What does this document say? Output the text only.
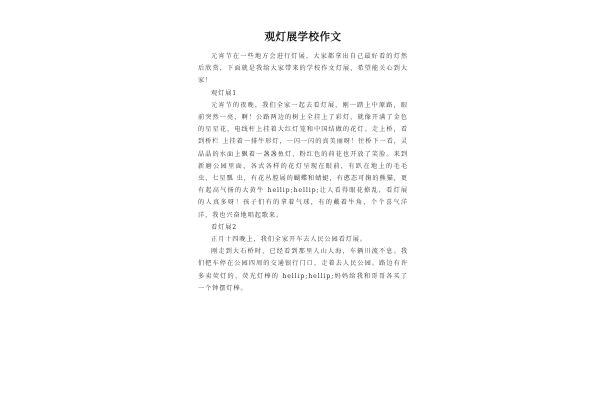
观灯展学校作文

元宵节在一些地方会进行灯展，大家都拿出自己最好看的灯然后欣赏，下面就是我给大家带来的学校作文灯展，希望能关心到大家！

观灯展1

元宵节的夜晚，我们全家一起去看灯展，刚一踏上中原路，眼前突然一亮，啊！公路两边的树上全挂上了彩灯，就像开满了金色的星星花，电线杆上挂着大红灯笼和中国结做的花灯。走上桥，看到桥栏 上挂着一排牛形灯，一闪一闪的真美丽呀！往桥下一看，灵晶晶的水面上飘着一盏盏鱼灯、粉红色的荷花也开放了笑脸。来到新磨公园里面，各式各样的花灯呈现在眼前，有趴在地上的毛毛虫、七星瓢 虫，有花丛腔展的蝴蝶和蜻蜓，有憨态可掬的熊猫，更有起高气扬的大黄牛 hellip;hellip;让人看得眼花撩乱，看灯展的人真多呀！孩子们有的拿着气球，有的戴着牛角，个个喜气洋洋，我也兴奋地唱起歌来。

看灯展2

正月十四晚上，我们全家开车去人民公园看灯展。

刚走到大石桥时，已经看到那里人山人海，车辆川流不息。我们把车停在公园四周的交通银行门口，走着去人民公园。路边有许多卖荧灯的、荧光灯棒的 hellip;hellip;妈妈给我和哥哥各买了一个钟摆灯棒。
